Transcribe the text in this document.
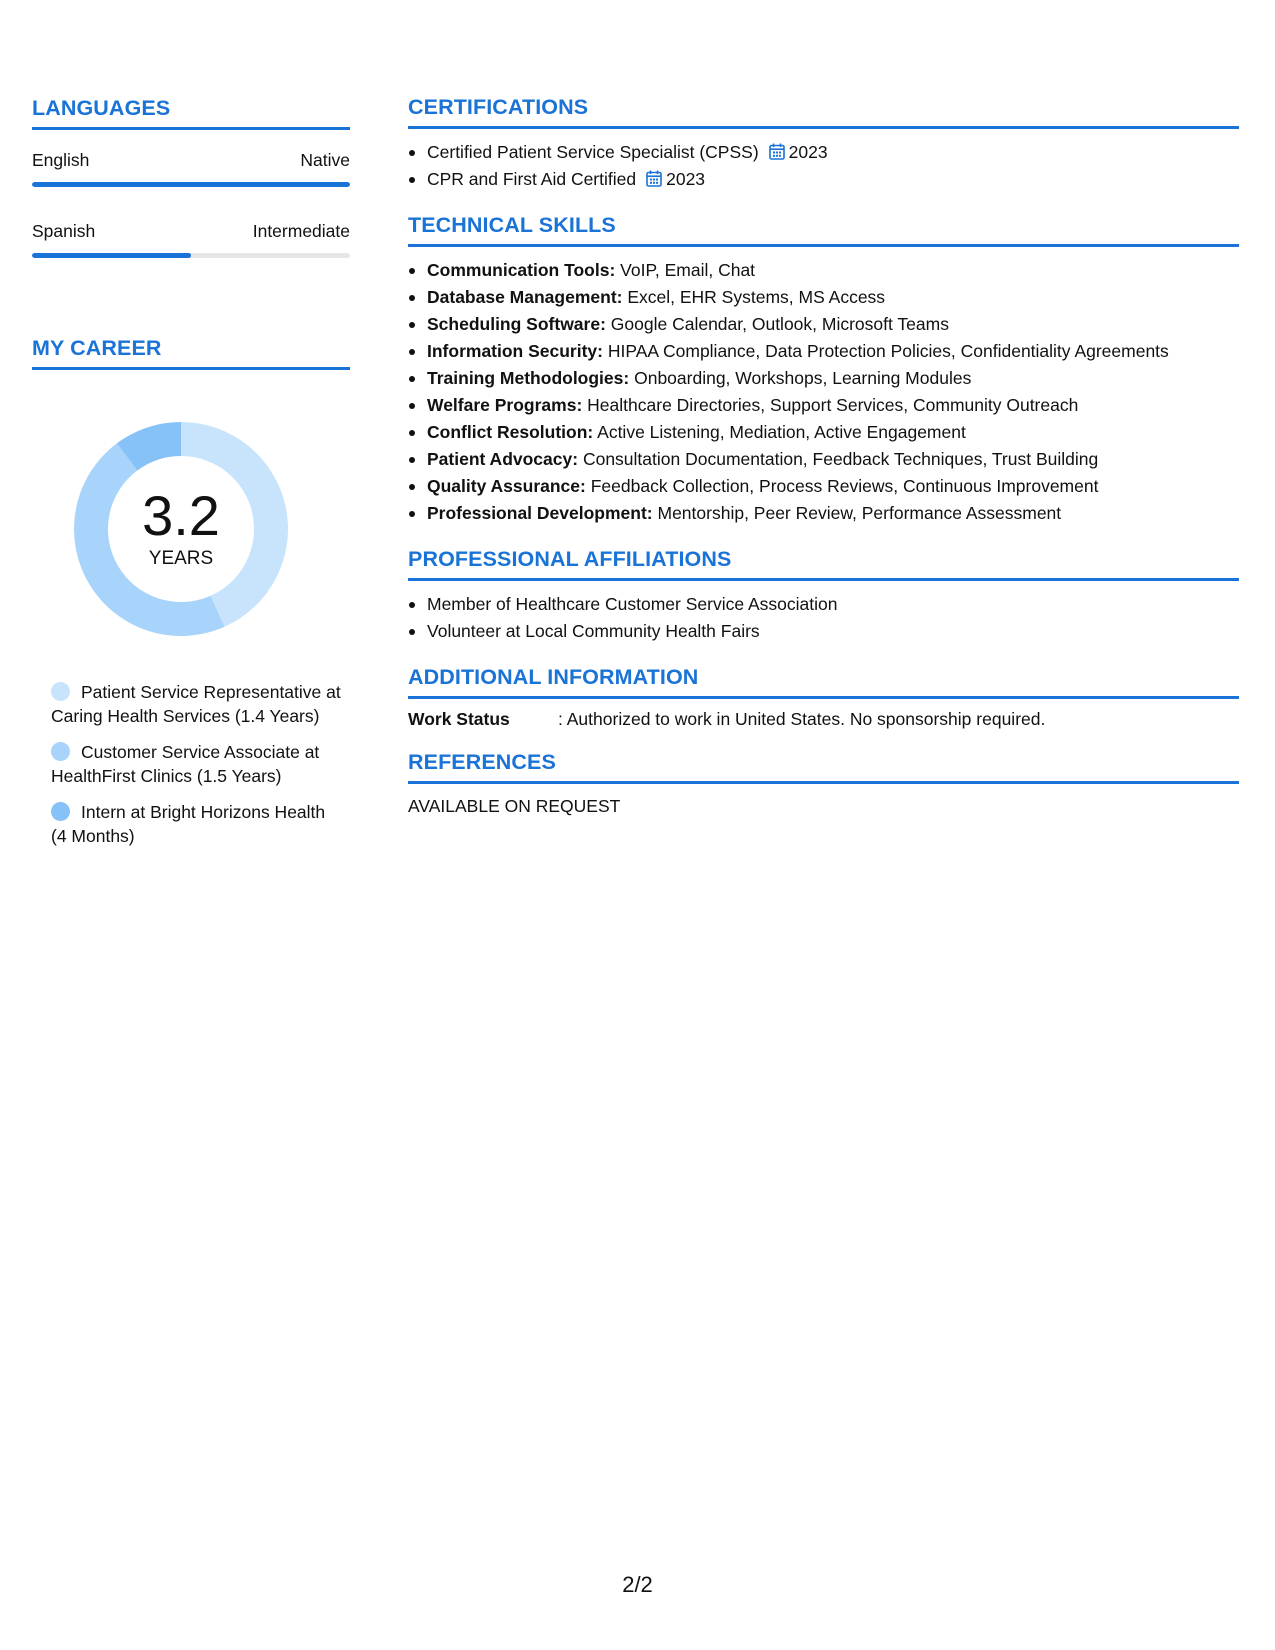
LANGUAGES
English	Native
Spanish	Intermediate
MY CAREER
3.2
YEARS
Patient Service Representative at Caring Health Services (1.4 Years)
Customer Service Associate at HealthFirst Clinics (1.5 Years)
Intern at Bright Horizons Health (4 Months)
CERTIFICATIONS
Certified Patient Service Specialist (CPSS) 2023
CPR and First Aid Certified 2023
TECHNICAL SKILLS
Communication Tools: VoIP, Email, Chat
Database Management: Excel, EHR Systems, MS Access
Scheduling Software: Google Calendar, Outlook, Microsoft Teams
Information Security: HIPAA Compliance, Data Protection Policies, Confidentiality Agreements
Training Methodologies: Onboarding, Workshops, Learning Modules
Welfare Programs: Healthcare Directories, Support Services, Community Outreach
Conflict Resolution: Active Listening, Mediation, Active Engagement
Patient Advocacy: Consultation Documentation, Feedback Techniques, Trust Building
Quality Assurance: Feedback Collection, Process Reviews, Continuous Improvement
Professional Development: Mentorship, Peer Review, Performance Assessment
PROFESSIONAL AFFILIATIONS
Member of Healthcare Customer Service Association
Volunteer at Local Community Health Fairs
ADDITIONAL INFORMATION
Work Status	: Authorized to work in United States. No sponsorship required.
REFERENCES
AVAILABLE ON REQUEST
2/2
